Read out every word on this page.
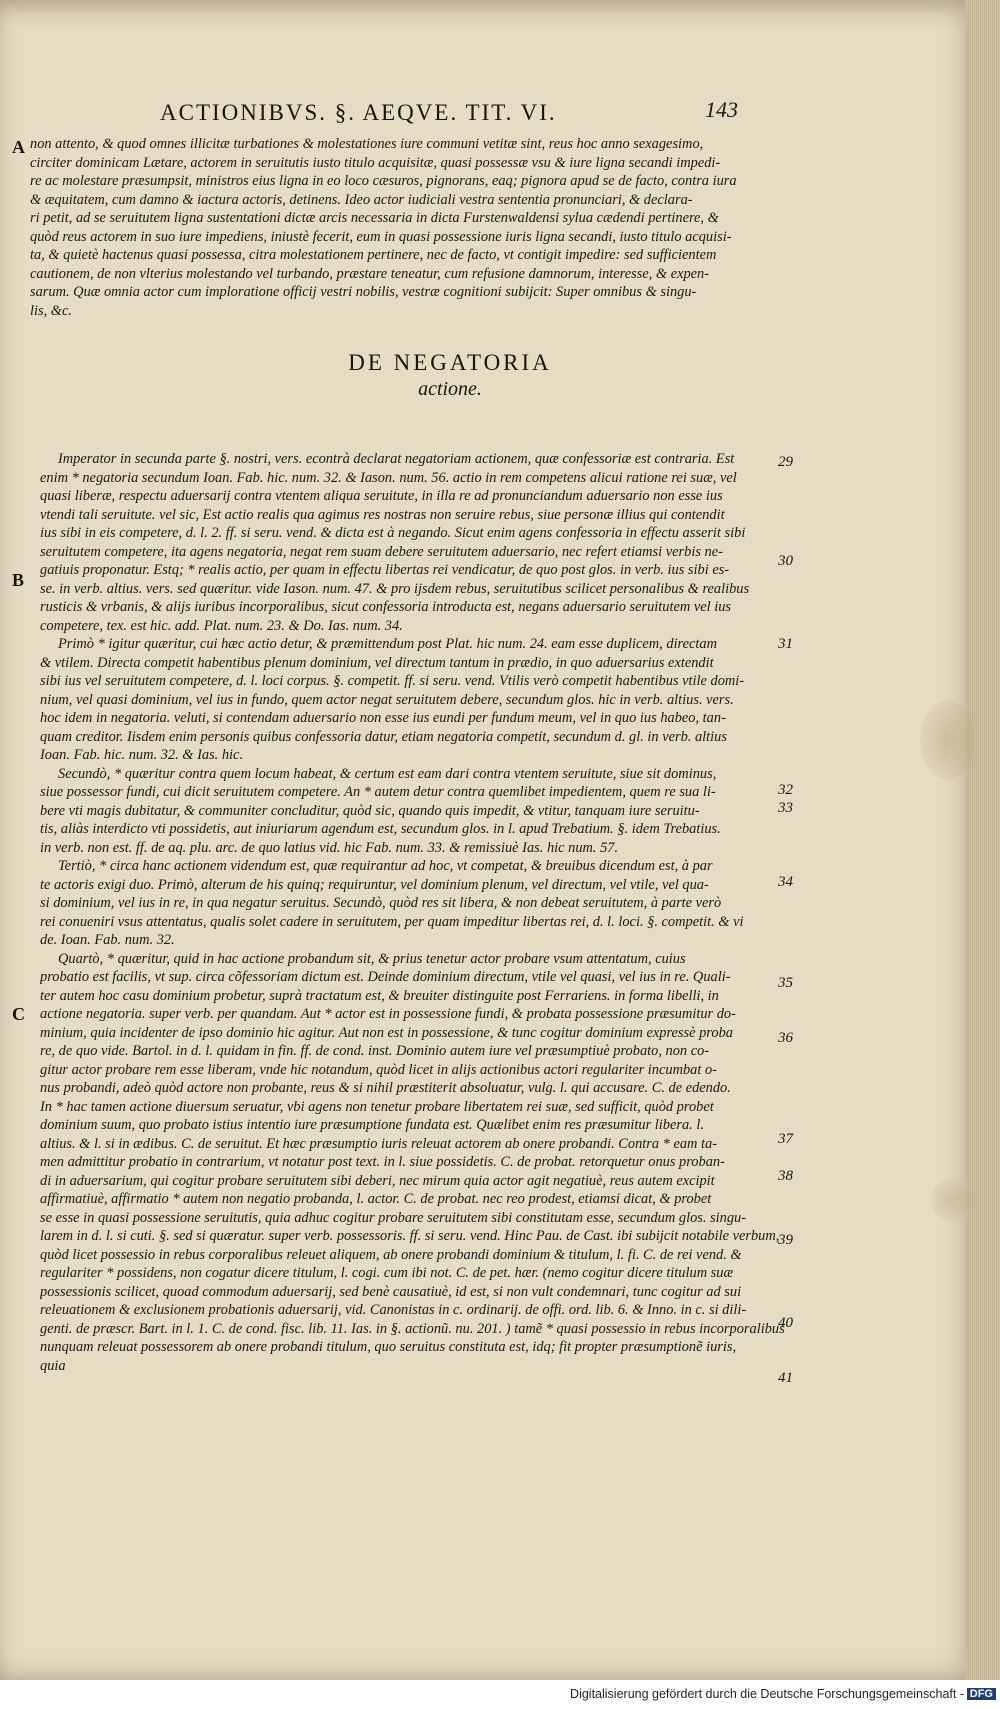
ACTIONIBVS. §. AEQVE. TIT. VI.	143
A
B
C
non attento, & quod omnes illicitæ turbationes & molestationes iure communi vetitæ sint, reus hoc anno sexagesimo,
circiter dominicam Lætare, actorem in seruitutis iusto titulo acquisitæ, quasi possessæ vsu & iure ligna secandi impedi-
re ac molestare præsumpsit, ministros eius ligna in eo loco cæsuros, pignorans, eaq; pignora apud se de facto, contra iura
& æquitatem, cum damno & iactura actoris, detinens. Ideo actor iudiciali vestra sententia pronunciari, & declara-
ri petit, ad se seruitutem ligna sustentationi dictæ arcis necessaria in dicta Furstenwaldensi sylua cædendi pertinere, &
quòd reus actorem in suo iure impediens, iniustè fecerit, eum in quasi possessione iuris ligna secandi, iusto titulo acquisi-
ta, & quietè hactenus quasi possessa, citra molestationem pertinere, nec de facto, vt contigit impedire: sed sufficientem
cautionem, de non vlterius molestando vel turbando, præstare teneatur, cum refusione damnorum, interesse, & expen-
sarum. Quæ omnia actor cum imploratione officij vestri nobilis, vestræ cognitioni subijcit: Super omnibus & singu-
lis, &c.
DE NEGATORIA
actione.
Imperator in secunda parte §. nostri, vers. econtrà declarat negatoriam actionem, quæ confessoriæ est contraria. Est
enim * negatoria secundum Ioan. Fab. hic. num. 32. & Iason. num. 56. actio in rem competens alicui ratione rei suæ, vel
quasi liberæ, respectu aduersarij contra vtentem aliqua seruitute, in illa re ad pronunciandum aduersario non esse ius
vtendi tali seruitute. vel sic, Est actio realis qua agimus res nostras non seruire rebus, siue personæ illius qui contendit
ius sibi in eis competere, d. l. 2. ff. si seru. vend. & dicta est à negando. Sicut enim agens confessoria in effectu asserit sibi
seruitutem competere, ita agens negatoria, negat rem suam debere seruitutem aduersario, nec refert etiamsi verbis ne-
gatiuis proponatur. Estq; * realis actio, per quam in effectu libertas rei vendicatur, de quo post glos. in verb. ius sibi es-
se. in verb. altius. vers. sed quæritur. vide Iason. num. 47. & pro ijsdem rebus, seruitutibus scilicet personalibus & realibus
rusticis & vrbanis, & alijs iuribus incorporalibus, sicut confessoria introducta est, negans aduersario seruitutem vel ius
competere, tex. est hic. add. Plat. num. 23. & Do. Ias. num. 34.
Primò * igitur quæritur, cui hæc actio detur, & præmittendum post Plat. hic num. 24. eam esse duplicem, directam
& vtilem. Directa competit habentibus plenum dominium, vel directum tantum in prædio, in quo aduersarius extendit
sibi ius vel seruitutem competere, d. l. loci corpus. §. competit. ff. si seru. vend. Vtilis verò competit habentibus vtile domi-
nium, vel quasi dominium, vel ius in fundo, quem actor negat seruitutem debere, secundum glos. hic in verb. altius. vers.
hoc idem in negatoria. veluti, si contendam aduersario non esse ius eundi per fundum meum, vel in quo ius habeo, tan-
quam creditor. Iisdem enim personis quibus confessoria datur, etiam negatoria competit, secundum d. gl. in verb. altius
Ioan. Fab. hic. num. 32. & Ias. hic.
Secundò, * quæritur contra quem locum habeat, & certum est eam dari contra vtentem seruitute, siue sit dominus,
siue possessor fundi, cui dicit seruitutem competere. An * autem detur contra quemlibet impedientem, quem re sua li-
bere vti magis dubitatur, & communiter concluditur, quòd sic, quando quis impedit, & vtitur, tanquam iure seruitu-
tis, aliàs interdicto vti possidetis, aut iniuriarum agendum est, secundum glos. in l. apud Trebatium. §. idem Trebatius.
in verb. non est. ff. de aq. plu. arc. de quo latius vid. hic Fab. num. 33. & remissiuè Ias. hic num. 57.
Tertiò, * circa hanc actionem videndum est, quæ requirantur ad hoc, vt competat, & breuibus dicendum est, à par
te actoris exigi duo. Primò, alterum de his quinq; requiruntur, vel dominium plenum, vel directum, vel vtile, vel qua-
si dominium, vel ius in re, in qua negatur seruitus. Secundò, quòd res sit libera, & non debeat seruitutem, à parte verò
rei conueniri vsus attentatus, qualis solet cadere in seruitutem, per quam impeditur libertas rei, d. l. loci. §. competit. & vi
de. Ioan. Fab. num. 32.
Quartò, * quæritur, quid in hac actione probandum sit, & prius tenetur actor probare vsum attentatum, cuius
probatio est facilis, vt sup. circa cõfessoriam dictum est. Deinde dominium directum, vtile vel quasi, vel ius in re. Quali-
ter autem hoc casu dominium probetur, suprà tractatum est, & breuiter distinguite post Ferrariens. in forma libelli, in
actione negatoria. super verb. per quandam. Aut * actor est in possessione fundi, & probata possessione præsumitur do-
minium, quia incidenter de ipso dominio hic agitur. Aut non est in possessione, & tunc cogitur dominium expressè proba
re, de quo vide. Bartol. in d. l. quidam in fin. ff. de cond. inst. Dominio autem iure vel præsumptiuè probato, non co-
gitur actor probare rem esse liberam, vnde hic notandum, quòd licet in alijs actionibus actori regulariter incumbat o-
nus probandi, adeò quòd actore non probante, reus & si nihil præstiterit absoluatur, vulg. l. qui accusare. C. de edendo.
In * hac tamen actione diuersum seruatur, vbi agens non tenetur probare libertatem rei suæ, sed sufficit, quòd probet
dominium suum, quo probato istius intentio iure præsumptione fundata est. Quælibet enim res præsumitur libera. l.
altius. & l. si in ædibus. C. de seruitut. Et hæc præsumptio iuris releuat actorem ab onere probandi. Contra * eam ta-
men admittitur probatio in contrarium, vt notatur post text. in l. siue possidetis. C. de probat. retorquetur onus proban-
di in aduersarium, qui cogitur probare seruitutem sibi deberi, nec mirum quia actor agit negatiuè, reus autem excipit
affirmatiuè, affirmatio * autem non negatio probanda, l. actor. C. de probat. nec reo prodest, etiamsi dicat, & probet
se esse in quasi possessione seruitutis, quia adhuc cogitur probare seruitutem sibi constitutam esse, secundum glos. singu-
larem in d. l. si cuti. §. sed si quæratur. super verb. possessoris. ff. si seru. vend. Hinc Pau. de Cast. ibi subijcit notabile verbum,
quòd licet possessio in rebus corporalibus releuet aliquem, ab onere probandi dominium & titulum, l. fi. C. de rei vend. &
regulariter * possidens, non cogatur dicere titulum, l. cogi. cum ibi not. C. de pet. hær. (nemo cogitur dicere titulum suæ
possessionis scilicet, quoad commodum aduersarij, sed benè causatiuè, id est, si non vult condemnari, tunc cogitur ad sui
releuationem & exclusionem probationis aduersarij, vid. Canonistas in c. ordinarij. de offi. ord. lib. 6. & Inno. in c. si dili-
genti. de præscr. Bart. in l. 1. C. de cond. fisc. lib. 11. Ias. in §. actionũ. nu. 201. ) tamẽ * quasi possessio in rebus incorporalibus
nunquam releuat possessorem ab onere probandi titulum, quo seruitus constituta est, idq; fit propter præsumptionẽ iuris,
quia
29
30
31
32
33
34
35
36
37
38
39
40
41
Digitalisierung gefördert durch die Deutsche Forschungsgemeinschaft - DFG
